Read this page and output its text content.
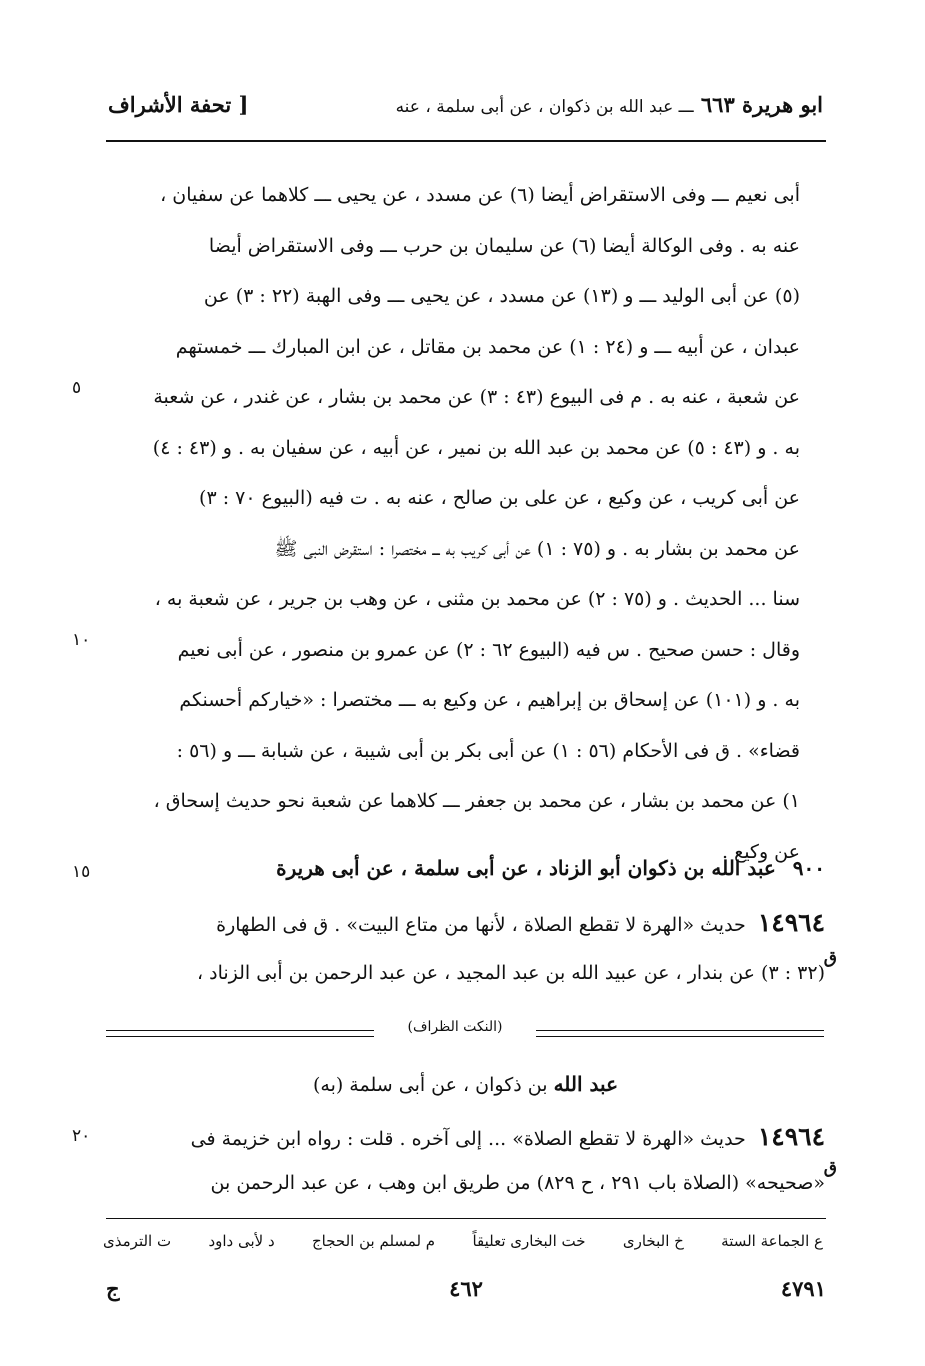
ابو هريرة ٦٦٣ ـــ عبد الله بن ذكوان ، عن أبى سلمة ، عنه
[ تحفة الأشراف
أبى نعيم ـــ وفى الاستقراض أيضا (٦) عن مسدد ، عن يحيى ـــ كلاهما عن سفيان ،
عنه به . وفى الوكالة أيضا (٦) عن سليمان بن حرب ـــ وفى الاستقراض أيضا
(٥) عن أبى الوليد ـــ و (١٣) عن مسدد ، عن يحيى ـــ وفى الهبة (٢٢ : ٣) عن
عبدان ، عن أبيه ـــ و (٢٤ : ١) عن محمد بن مقاتل ، عن ابن المبارك ـــ خمستهم
عن شعبة ، عنه به . م فى البيوع (٤٣ : ٣) عن محمد بن بشار ، عن غندر ، عن شعبة
به . و (٤٣ : ٥) عن محمد بن عبد الله بن نمير ، عن أبيه ، عن سفيان به . و (٤٣ : ٤)
عن أبى كريب ، عن وكيع ، عن على بن صالح ، عنه به . ت فيه (البيوع ٧٠ : ٣)
عن محمد بن بشار به . و (٧٥ : ١) عن أبى كريب به ـــ مختصرا : استقرض النبى ﷺ
سنا ... الحديث . و (٧٥ : ٢) عن محمد بن مثنى ، عن وهب بن جرير ، عن شعبة به ،
وقال : حسن صحيح . س فيه (البيوع ٦٢ : ٢) عن عمرو بن منصور ، عن أبى نعيم
به . و (١٠١) عن إسحاق بن إبراهيم ، عن وكيع به ـــ مختصرا : «خياركم أحسنكم
قضاء» . ق فى الأحكام (٥٦ : ١) عن أبى بكر بن أبى شيبة ، عن شبابة ـــ و (٥٦ :
١) عن محمد بن بشار ، عن محمد بن جعفر ـــ كلاهما عن شعبة نحو حديث إسحاق ،
عن وكيع .
٥
١٠
١٥
٢٠
٩٠٠ عبد الله بن ذكوان أبو الزناد ، عن أبى سلمة ، عن أبى هريرة
١٤٩٦٤ حديث «الهرة لا تقطع الصلاة ، لأنها من متاع البيت» . ق فى الطهارة
ق
(٣٢ : ٣) عن بندار ، عن عبيد الله بن عبد المجيد ، عن عبد الرحمن بن أبى الزناد ،
(النكت الظراف)
عبد الله بن ذكوان ، عن أبى سلمة (به)
١٤٩٦٤ حديث «الهرة لا تقطع الصلاة» ... إلى آخره . قلت : رواه ابن خزيمة فى
ق
«صحيحه» (الصلاة باب ٢٩١ ، ح ٨٢٩) من طريق ابن وهب ، عن عبد الرحمن بن
ع الجماعة الستة
خ البخارى
خت البخارى تعليقاً
م لمسلم بن الحجاج
د لأبى داود
ت الترمذى
٤٧٩١
٤٦٢
ج
